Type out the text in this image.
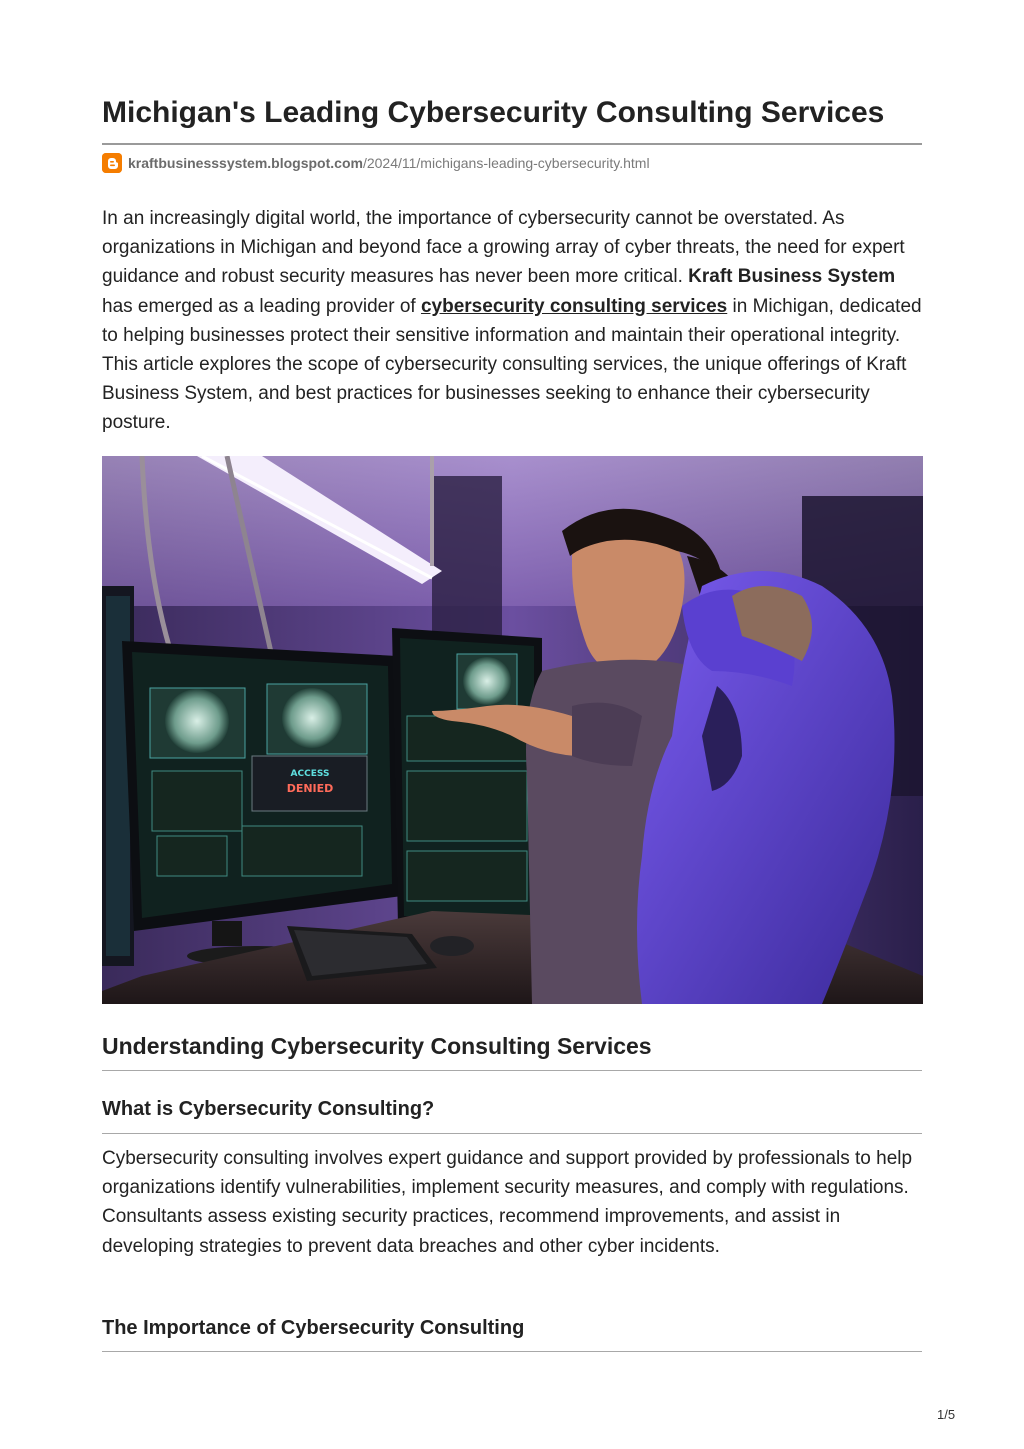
Michigan's Leading Cybersecurity Consulting Services
kraftbusinesssystem.blogspot.com /2024/11/michigans-leading-cybersecurity.html

In an increasingly digital world, the importance of cybersecurity cannot be overstated. As organizations in Michigan and beyond face a growing array of cyber threats, the need for expert guidance and robust security measures has never been more critical. Kraft Business System has emerged as a leading provider of cybersecurity consulting services in Michigan, dedicated to helping businesses protect their sensitive information and maintain their operational integrity. This article explores the scope of cybersecurity consulting services, the unique offerings of Kraft Business System, and best practices for businesses seeking to enhance their cybersecurity posture.

ACCESS
DENIED
Understanding Cybersecurity Consulting Services
What is Cybersecurity Consulting?

Cybersecurity consulting involves expert guidance and support provided by professionals to help organizations identify vulnerabilities, implement security measures, and comply with regulations. Consultants assess existing security practices, recommend improvements, and assist in developing strategies to prevent data breaches and other cyber incidents.

The Importance of Cybersecurity Consulting
1/5
